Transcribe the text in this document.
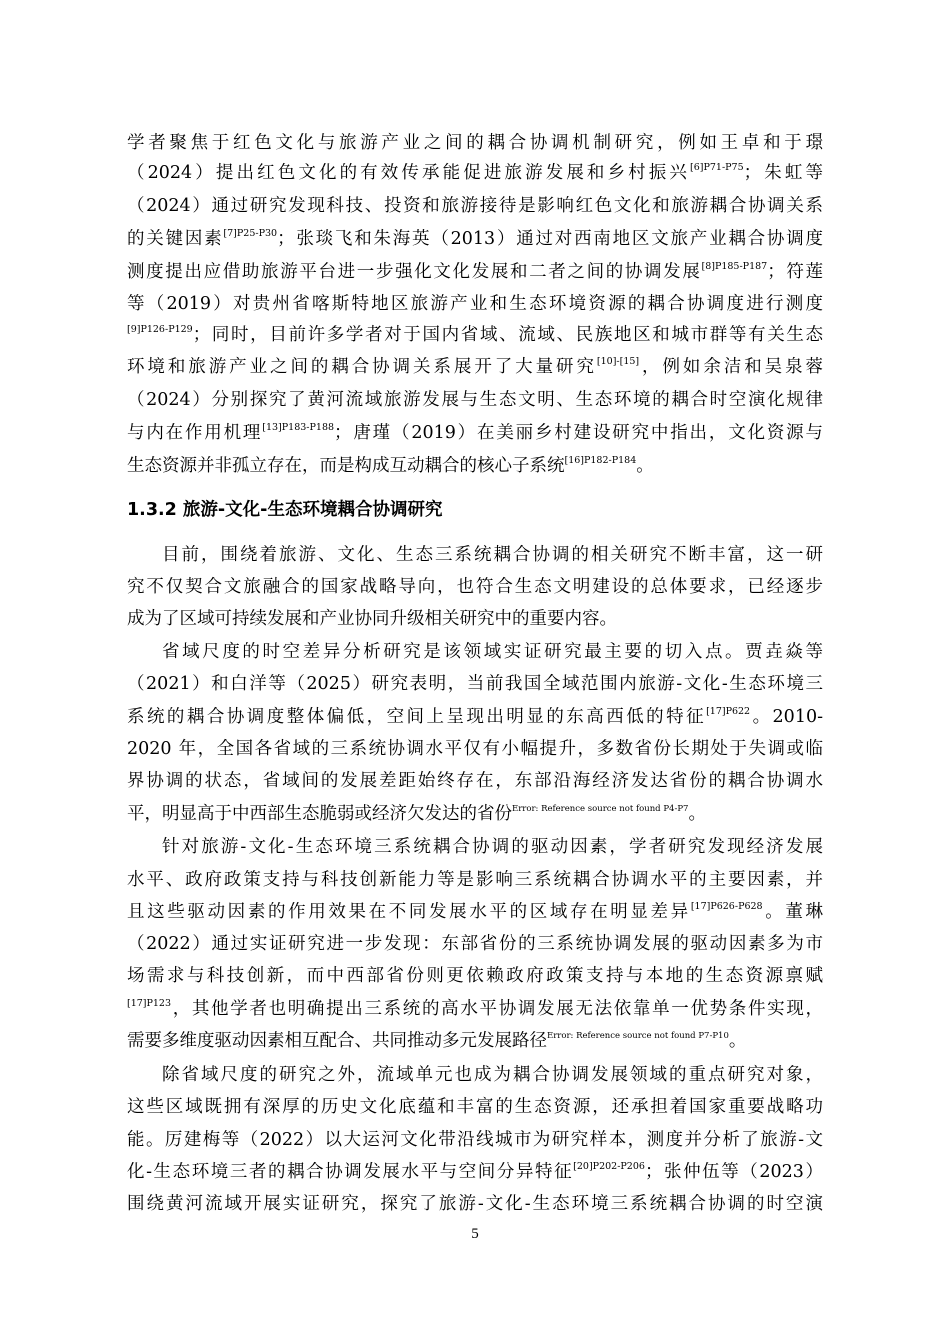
学者聚焦于红色文化与旅游产业之间的耦合协调机制研究，例如王卓和于璟
（2024）提出红色文化的有效传承能促进旅游发展和乡村振兴$^{[6]P71-P75}$；朱虹等
（2024）通过研究发现科技、投资和旅游接待是影响红色文化和旅游耦合协调关系
的关键因素$^{[7]P25-P30}$；张琰飞和朱海英（2013）通过对西南地区文旅产业耦合协调度
测度提出应借助旅游平台进一步强化文化发展和二者之间的协调发展$^{[8]P185-P187}$；符莲
等（2019）对贵州省喀斯特地区旅游产业和生态环境资源的耦合协调度进行测度
$^{[9]P126-P129}$；同时，目前许多学者对于国内省域、流域、民族地区和城市群等有关生态
环境和旅游产业之间的耦合协调关系展开了大量研究[10]-[15]，例如余洁和吴泉蓉
（2024）分别探究了黄河流域旅游发展与生态文明、生态环境的耦合时空演化规律
与内在作用机理$^{[13]P183-P188}$；唐瑾（2019）在美丽乡村建设研究中指出，文化资源与
生态资源并非孤立存在，而是构成互动耦合的核心子系统$^{[16]P182-P184}$。
1.3.2 旅游-文化-生态环境耦合协调研究
目前，围绕着旅游、文化、生态三系统耦合协调的相关研究不断丰富，这一研
究不仅契合文旅融合的国家战略导向，也符合生态文明建设的总体要求，已经逐步
成为了区域可持续发展和产业协同升级相关研究中的重要内容。
省域尺度的时空差异分析研究是该领域实证研究最主要的切入点。贾垚焱等
（2021）和白洋等（2025）研究表明，当前我国全域范围内旅游-文化-生态环境三
系统的耦合协调度整体偏低，空间上呈现出明显的东高西低的特征$^{[17]P622}$。2010-
2020 年，全国各省域的三系统协调水平仅有小幅提升，多数省份长期处于失调或临
界协调的状态，省域间的发展差距始终存在，东部沿海经济发达省份的耦合协调水
平，明显高于中西部生态脆弱或经济欠发达的省份$^{Error: Reference source not found P4-P7}$。
针对旅游-文化-生态环境三系统耦合协调的驱动因素，学者研究发现经济发展
水平、政府政策支持与科技创新能力等是影响三系统耦合协调水平的主要因素，并
且这些驱动因素的作用效果在不同发展水平的区域存在明显差异$^{[17]P626-P628}$。董琳
（2022）通过实证研究进一步发现：东部省份的三系统协调发展的驱动因素多为市
场需求与科技创新，而中西部省份则更依赖政府政策支持与本地的生态资源禀赋
$^{[17]P123}$，其他学者也明确提出三系统的高水平协调发展无法依靠单一优势条件实现，
需要多维度驱动因素相互配合、共同推动多元发展路径$^{Error: Reference source not found P7-P10}$。
除省域尺度的研究之外，流域单元也成为耦合协调发展领域的重点研究对象，
这些区域既拥有深厚的历史文化底蕴和丰富的生态资源，还承担着国家重要战略功
能。厉建梅等（2022）以大运河文化带沿线城市为研究样本，测度并分析了旅游-文
化-生态环境三者的耦合协调发展水平与空间分异特征$^{[20]P202-P206}$；张仲伍等（2023）
围绕黄河流域开展实证研究，探究了旅游-文化-生态环境三系统耦合协调的时空演
5
